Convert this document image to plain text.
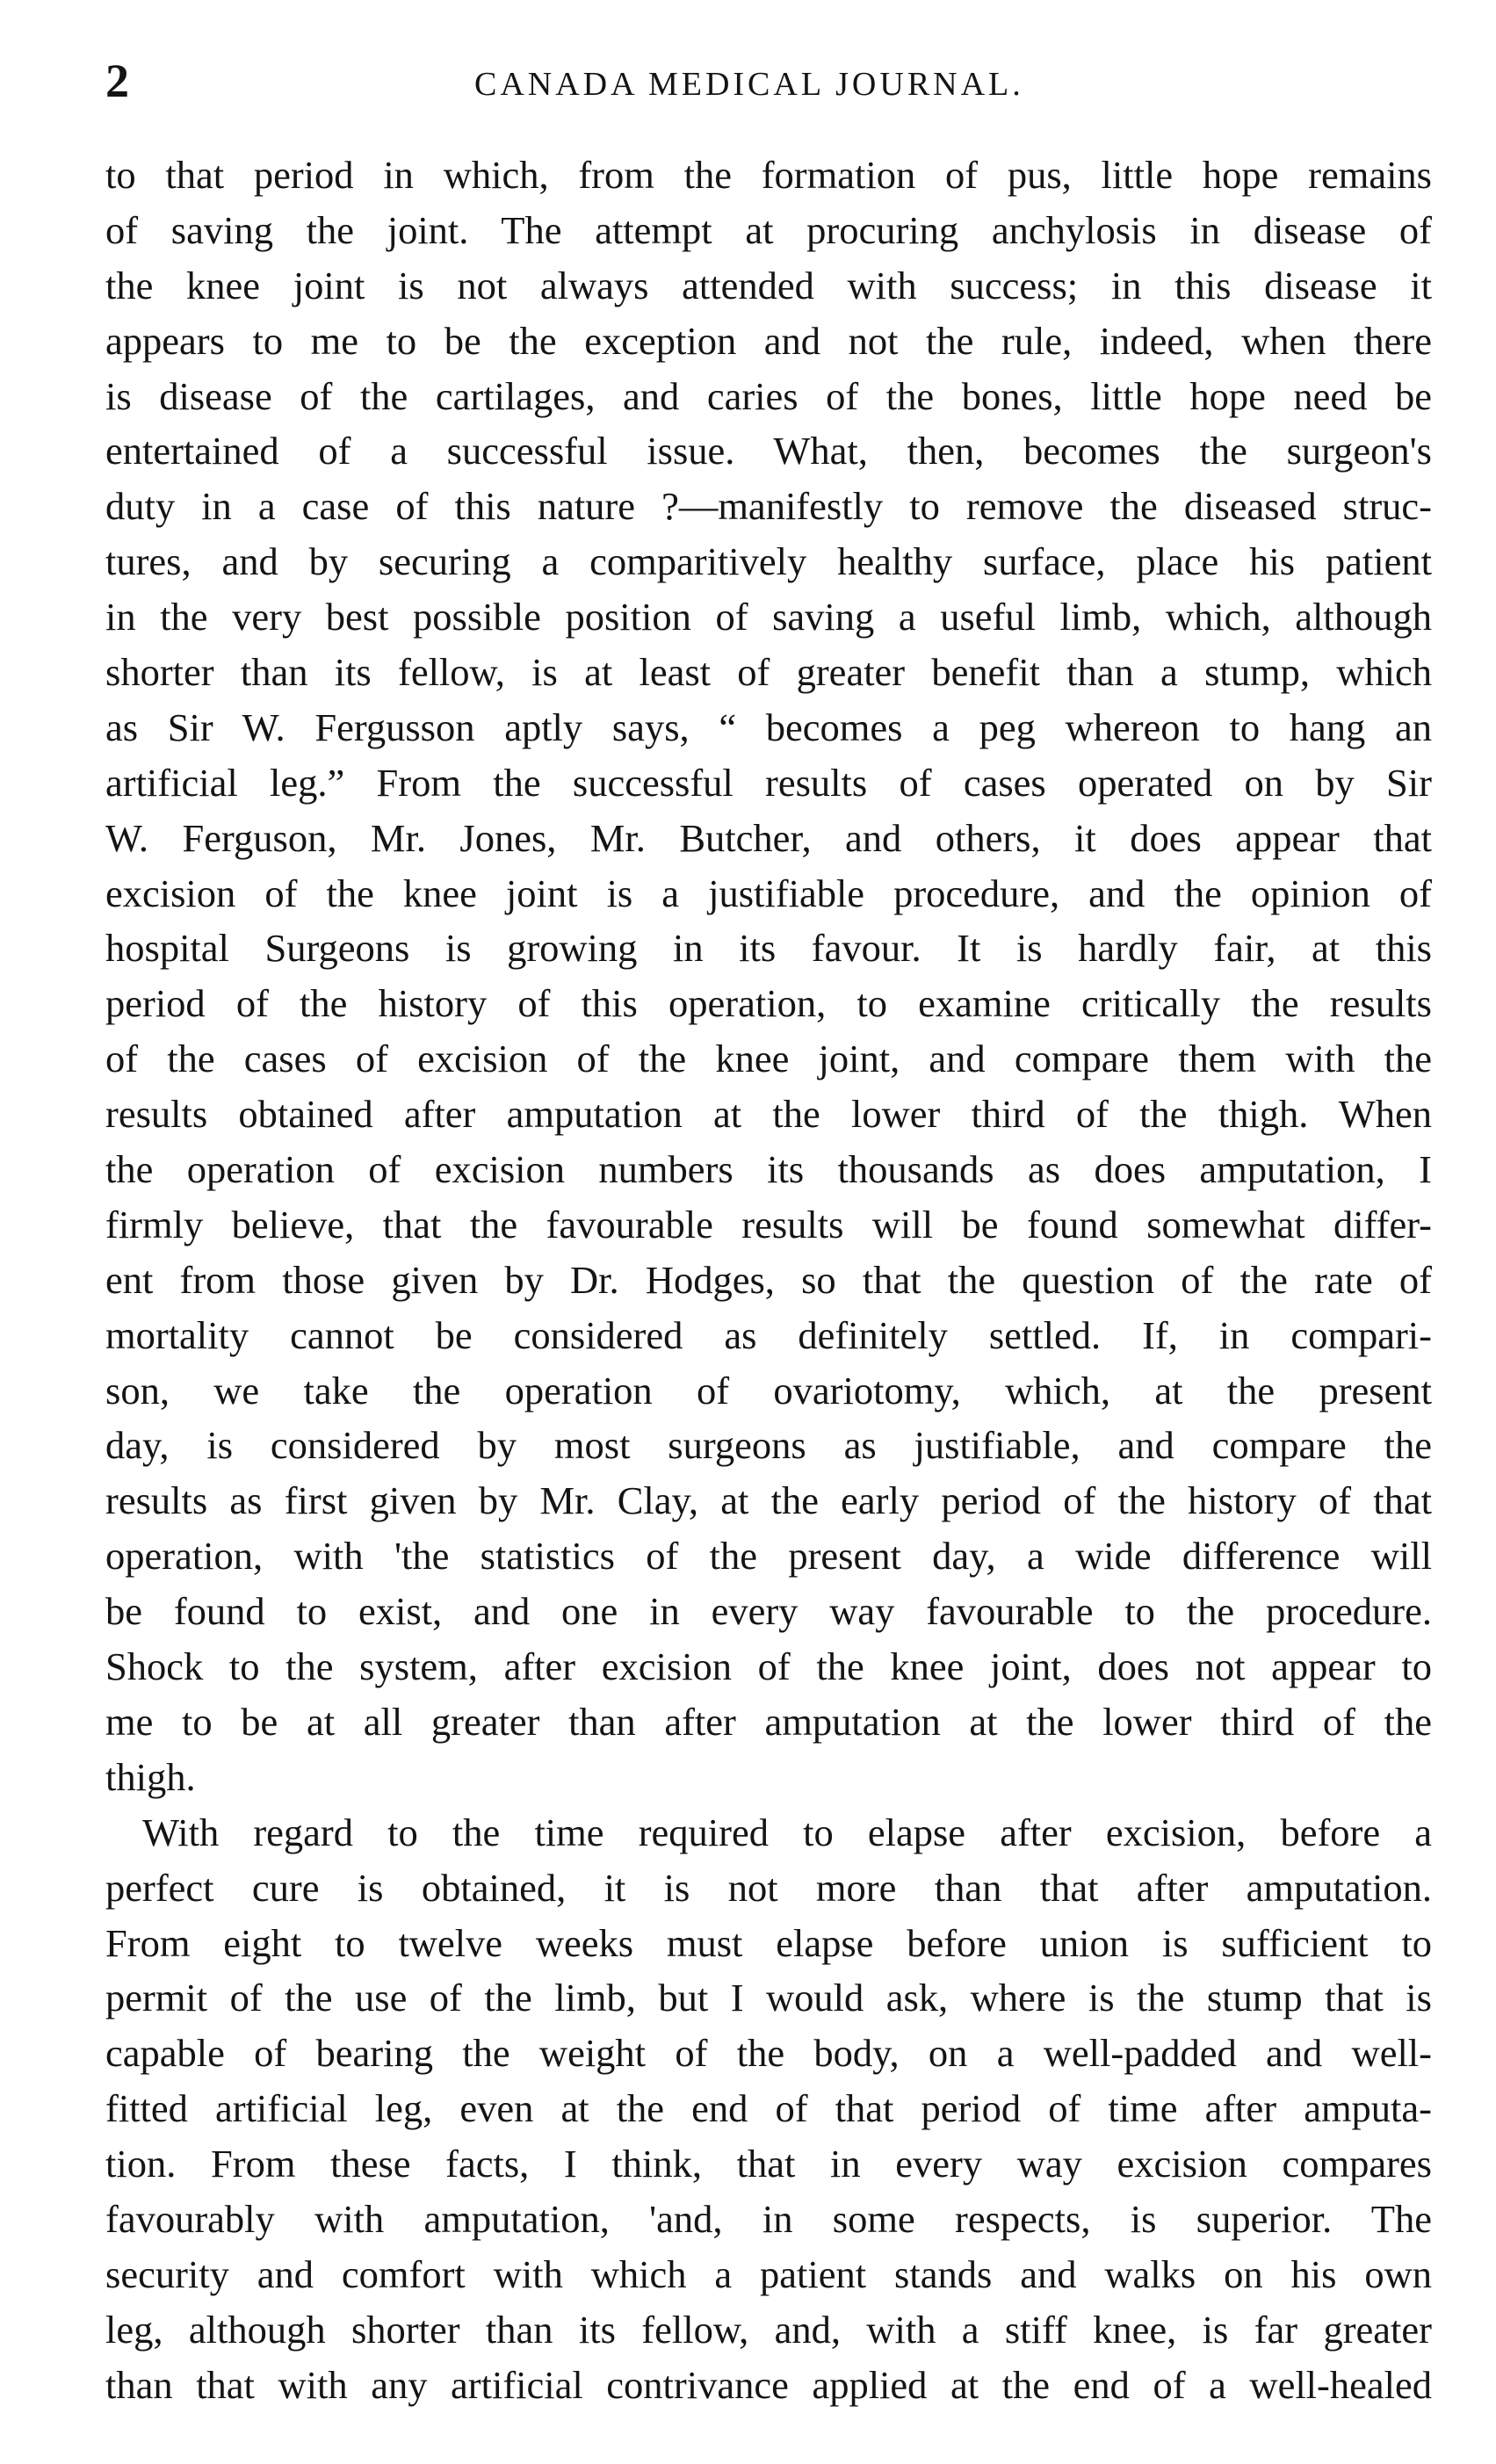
2	CANADA MEDICAL JOURNAL.
to that period in which, from the formation of pus, little hope remains
of saving the joint. The attempt at procuring anchylosis in disease of
the knee joint is not always attended with success; in this disease it
appears to me to be the exception and not the rule, indeed, when there
is disease of the cartilages, and caries of the bones, little hope need be
entertained of a successful issue. What, then, becomes the surgeon's
duty in a case of this nature ?—manifestly to remove the diseased struc-
tures, and by securing a comparitively healthy surface, place his patient
in the very best possible position of saving a useful limb, which, although
shorter than its fellow, is at least of greater benefit than a stump, which
as Sir W. Fergusson aptly says, “ becomes a peg whereon to hang an
artificial leg.” From the successful results of cases operated on by Sir
W. Ferguson, Mr. Jones, Mr. Butcher, and others, it does appear that
excision of the knee joint is a justifiable procedure, and the opinion of
hospital Surgeons is growing in its favour. It is hardly fair, at this
period of the history of this operation, to examine critically the results
of the cases of excision of the knee joint, and compare them with the
results obtained after amputation at the lower third of the thigh. When
the operation of excision numbers its thousands as does amputation, I
firmly believe, that the favourable results will be found somewhat differ-
ent from those given by Dr. Hodges, so that the question of the rate of
mortality cannot be considered as definitely settled. If, in compari-
son, we take the operation of ovariotomy, which, at the present
day, is considered by most surgeons as justifiable, and compare the
results as first given by Mr. Clay, at the early period of the history of that
operation, with 'the statistics of the present day, a wide difference will
be found to exist, and one in every way favourable to the procedure.
Shock to the system, after excision of the knee joint, does not appear to
me to be at all greater than after amputation at the lower third of the
thigh.
With regard to the time required to elapse after excision, before a
perfect cure is obtained, it is not more than that after amputation.
From eight to twelve weeks must elapse before union is sufficient to
permit of the use of the limb, but I would ask, where is the stump that is
capable of bearing the weight of the body, on a well-padded and well-
fitted artificial leg, even at the end of that period of time after amputa-
tion. From these facts, I think, that in every way excision compares
favourably with amputation, 'and, in some respects, is superior. The
security and comfort with which a patient stands and walks on his own
leg, although shorter than its fellow, and, with a stiff knee, is far greater
than that with any artificial contrivance applied at the end of a well-healed
